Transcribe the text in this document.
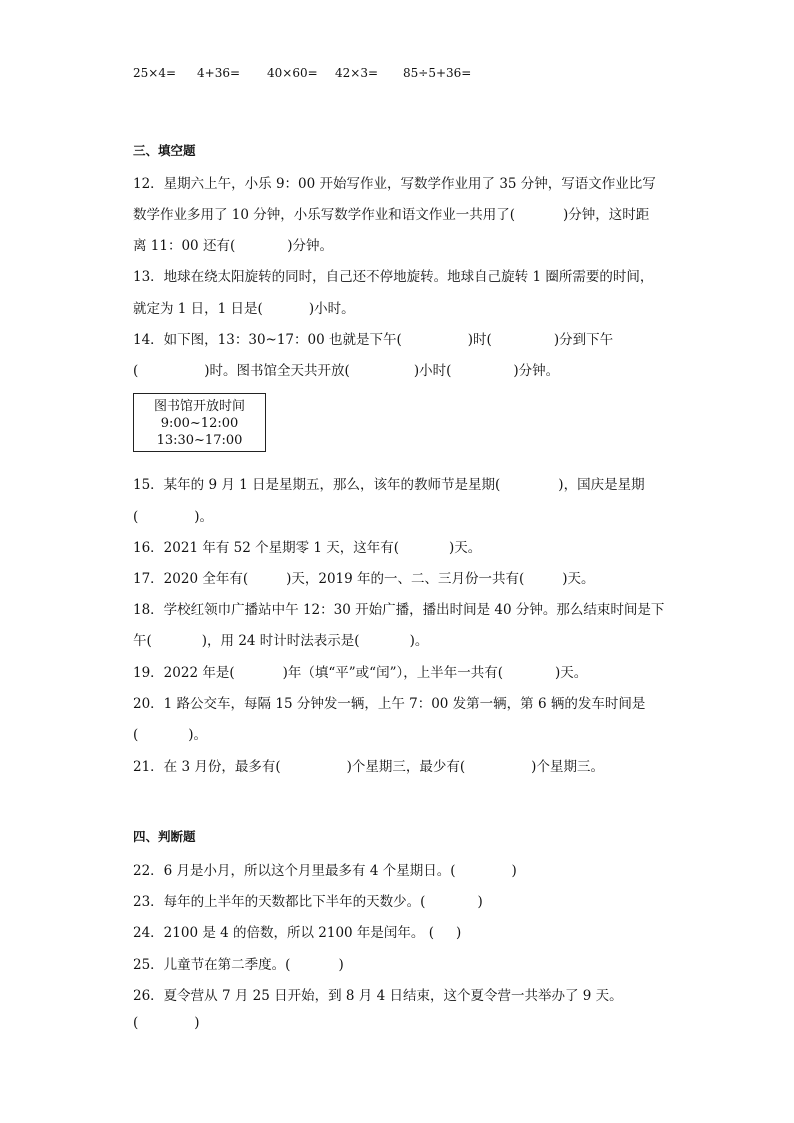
25×4= 4+36= 40×60= 42×3= 85÷5+36=
三、填空题
12．星期六上午，小乐 9：00 开始写作业，写数学作业用了 35 分钟，写语文作业比写
数学作业多用了 10 分钟，小乐写数学作业和语文作业一共用了(	)分钟，这时距
离 11：00 还有(	)分钟。
13．地球在绕太阳旋转的同时，自己还不停地旋转。地球自己旋转 1 圈所需要的时间，
就定为 1 日，1 日是(	)小时。
14．如下图，13：30~17：00 也就是下午(	)时(	)分到下午
(	)时。图书馆全天共开放(	)小时(	)分钟。
图书馆开放时间
9:00~12:00
13:30~17:00
15．某年的 9 月 1 日是星期五，那么，该年的教师节是星期(	)，国庆是星期
(	)。
16．2021 年有 52 个星期零 1 天，这年有(	)天。
17．2020 全年有(	)天，2019 年的一、二、三月份一共有(	)天。
18．学校红领巾广播站中午 12：30 开始广播，播出时间是 40 分钟。那么结束时间是下
午(	)，用 24 时计时法表示是(	)。
19．2022 年是(	)年（填“平”或“闰”），上半年一共有(	)天。
20．1 路公交车，每隔 15 分钟发一辆，上午 7：00 发第一辆，第 6 辆的发车时间是
(	)。
21．在 3 月份，最多有(	)个星期三，最少有(	)个星期三。
四、判断题
22．6 月是小月，所以这个月里最多有 4 个星期日。(	)
23．每年的上半年的天数都比下半年的天数少。(	)
24．2100 是 4 的倍数，所以 2100 年是闰年。 ( )
25．儿童节在第二季度。(	)
26．夏令营从 7 月 25 日开始，到 8 月 4 日结束，这个夏令营一共举办了 9 天。
(	)
